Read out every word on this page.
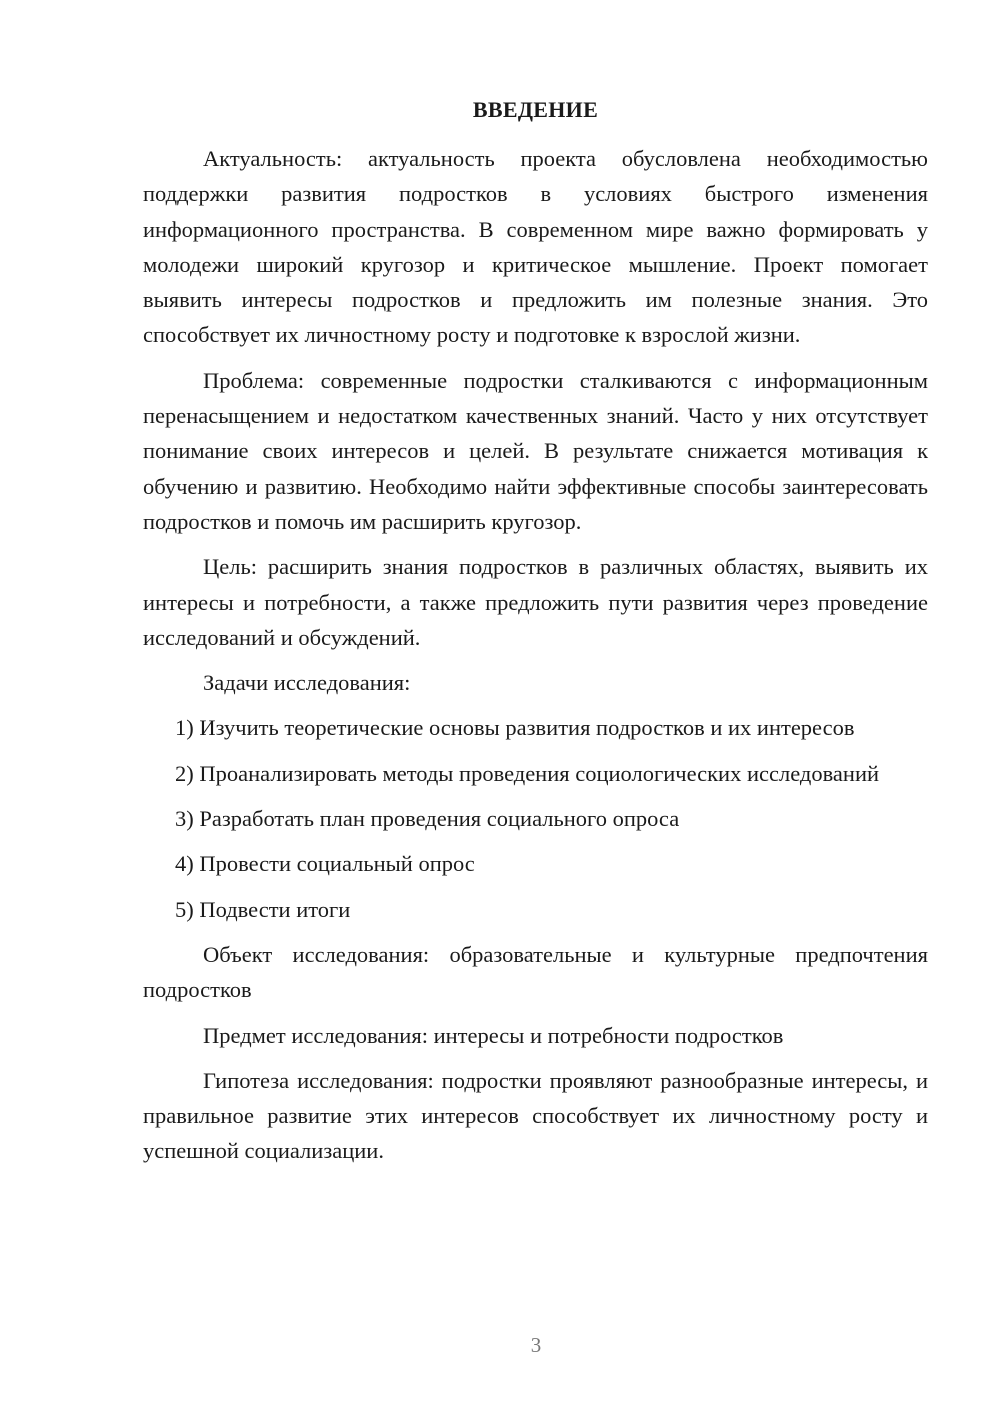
ВВЕДЕНИЕ

Актуальность: актуальность проекта обусловлена необходимостью поддержки развития подростков в условиях быстрого изменения информационного пространства. В современном мире важно формировать у молодежи широкий кругозор и критическое мышление. Проект помогает выявить интересы подростков и предложить им полезные знания. Это способствует их личностному росту и подготовке к взрослой жизни.

Проблема: современные подростки сталкиваются с информационным перенасыщением и недостатком качественных знаний. Часто у них отсутствует понимание своих интересов и целей. В результате снижается мотивация к обучению и развитию. Необходимо найти эффективные способы заинтересовать подростков и помочь им расширить кругозор.

Цель: расширить знания подростков в различных областях, выявить их интересы и потребности, а также предложить пути развития через проведение исследований и обсуждений.

Задачи исследования:

1) Изучить теоретические основы развития подростков и их интересов

2) Проанализировать методы проведения социологических исследований

3) Разработать план проведения социального опроса

4) Провести социальный опрос

5) Подвести итоги

Объект исследования: образовательные и культурные предпочтения подростков

Предмет исследования: интересы и потребности подростков

Гипотеза исследования: подростки проявляют разнообразные интересы, и правильное развитие этих интересов способствует их личностному росту и успешной социализации.

3
